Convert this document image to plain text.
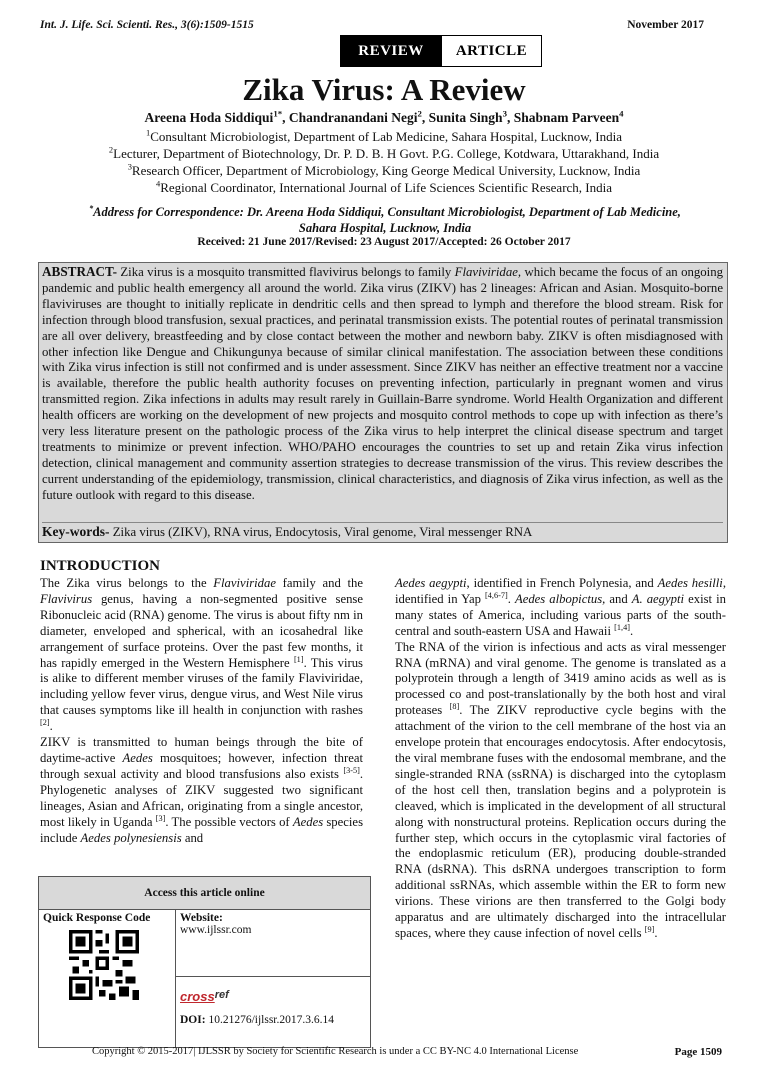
Int. J. Life. Sci. Scienti. Res., 3(6):1509-1515	November 2017
REVIEW	ARTICLE
Zika Virus: A Review
Areena Hoda Siddiqui$^{1*}$, Chandranandani Negi$^2$, Sunita Singh$^3$, Shabnam Parveen$^4$
$^1$Consultant Microbiologist, Department of Lab Medicine, Sahara Hospital, Lucknow, India
$^2$Lecturer, Department of Biotechnology, Dr. P. D. B. H Govt. P.G. College, Kotdwara, Uttarakhand, India
$^3$Research Officer, Department of Microbiology, King George Medical University, Lucknow, India
$^4$Regional Coordinator, International Journal of Life Sciences Scientific Research, India
*Address for Correspondence: Dr. Areena Hoda Siddiqui, Consultant Microbiologist, Department of Lab Medicine,
Sahara Hospital, Lucknow, India
Received: 21 June 2017/Revised: 23 August 2017/Accepted: 26 October 2017
ABSTRACT- Zika virus is a mosquito transmitted flavivirus belongs to family Flaviviridae, which became the focus of an ongoing pandemic and public health emergency all around the world. Zika virus (ZIKV) has 2 lineages: African and Asian. Mosquito-borne flaviviruses are thought to initially replicate in dendritic cells and then spread to lymph and therefore the blood stream. Risk for infection through blood transfusion, sexual practices, and perinatal transmission exists. The potential routes of perinatal transmission are all over delivery, breastfeeding and by close contact between the mother and newborn baby. ZIKV is often misdiagnosed with other infection like Dengue and Chikungunya because of similar clinical manifestation. The association between these conditions with Zika virus infection is still not confirmed and is under assessment. Since ZIKV has neither an effective treatment nor a vaccine is available, therefore the public health authority focuses on preventing infection, particularly in pregnant women and virus transmitted region. Zika infections in adults may result rarely in Guillain-Barre syndrome. World Health Organization and different health officers are working on the development of new projects and mosquito control methods to cope up with infection as there’s very less literature present on the pathologic process of the Zika virus to help interpret the clinical disease spectrum and target treatments to minimize or prevent infection. WHO/PAHO encourages the countries to set up and retain Zika virus infection detection, clinical management and community assertion strategies to decrease transmission of the virus. This review describes the current understanding of the epidemiology, transmission, clinical characteristics, and diagnosis of Zika virus infection, as well as the future outlook with regard to this disease.
Key-words- Zika virus (ZIKV), RNA virus, Endocytosis, Viral genome, Viral messenger RNA
INTRODUCTION

The Zika virus belongs to the Flaviviridae family and the Flavivirus genus, having a non-segmented positive sense Ribonucleic acid (RNA) genome. The virus is about fifty nm in diameter, enveloped and spherical, with an icosahedral like arrangement of surface proteins. Over the past few months, it has rapidly emerged in the Western Hemisphere [1]. This virus is alike to different member viruses of the family Flaviviridae, including yellow fever virus, dengue virus, and West Nile virus that causes symptoms like ill health in conjunction with rashes [2].

ZIKV is transmitted to human beings through the bite of daytime-active Aedes mosquitoes; however, infection threat through sexual activity and blood transfusions also exists [3-5]. Phylogenetic analyses of ZIKV suggested two significant lineages, Asian and African, originating from a single ancestor, most likely in Uganda [3]. The possible vectors of Aedes species include Aedes polynesiensis and

Access this article online

Quick Response Code	Website:
www.ijlssr.com

crossref
DOI: 10.21276/ijlssr.2017.3.6.14

Aedes aegypti, identified in French Polynesia, and Aedes hesilli, identified in Yap [4,6-7]. Aedes albopictus, and A. aegypti exist in many states of America, including various parts of the south-central and south-eastern USA and Hawaii [1,4].

The RNA of the virion is infectious and acts as viral messenger RNA (mRNA) and viral genome. The genome is translated as a polyprotein through a length of 3419 amino acids as well as is processed co and post-translationally by the both host and viral proteases [8]. The ZIKV reproductive cycle begins with the attachment of the virion to the cell membrane of the host via an envelope protein that encourages endocytosis. After endocytosis, the viral membrane fuses with the endosomal membrane, and the single-stranded RNA (ssRNA) is discharged into the cytoplasm of the host cell then, translation begins and a polyprotein is cleaved, which is implicated in the development of all structural along with nonstructural proteins. Replication occurs during the further step, which occurs in the cytoplasmic viral factories of the endoplasmic reticulum (ER), producing double-stranded RNA (dsRNA). This dsRNA undergoes transcription to form additional ssRNAs, which assemble within the ER to form new virions. These virions are then transferred to the Golgi body apparatus and are ultimately discharged into the intracellular spaces, where they cause infection of novel cells [9].

Copyright © 2015-2017| IJLSSR by Society for Scientific Research is under a CC BY-NC 4.0 International License	Page 1509
